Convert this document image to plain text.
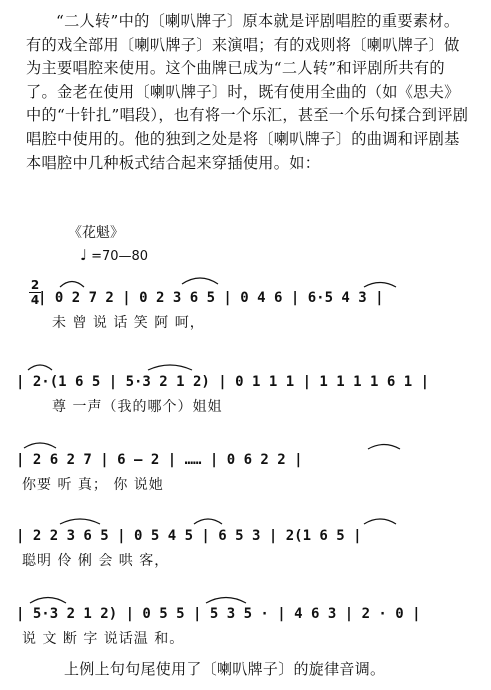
“二人转”中的〔喇叭牌子〕原本就是评剧唱腔的重要素材。有的戏全部用〔喇叭牌子〕来演唱；有的戏则将〔喇叭牌子〕做为主要唱腔来使用。这个曲牌已成为“二人转”和评剧所共有的了。金老在使用〔喇叭牌子〕时，既有使用全曲的（如《思夫》中的“十针扎”唱段），也有将一个乐汇，甚至一个乐句揉合到评剧唱腔中使用的。他的独到之处是将〔喇叭牌子〕的曲调和评剧基本唱腔中几种板式结合起来穿插使用。如：
《花魁》
♩ =70—80
2
4
| 0 2 7 2 | 0 2 3 6 5 | 0 4 6 | 6·5 4 3 |
未 曾 说 话 笑 阿 呵，
| 2·(1 6 5 | 5·3 2 1 2) | 0 1 1 1 | 1 1 1 1 6 1 |
尊 一声（我的哪个）姐姐
| 2 6 2 7 | 6 — 2 | …… | 0 6 2 2 |
你要 听 真； 你 说她
| 2 2 3 6 5 | 0 5 4 5 | 6 5 3 | 2(1 6 5 |
聪明 伶 俐 会 哄 客，
| 5·3 2 1 2) | 0 5 5 | 5 3 5 · | 4 6 3 | 2 · 0 |
说 文 断 字 说话温 和。
上例上句句尾使用了〔喇叭牌子〕的旋律音调。
